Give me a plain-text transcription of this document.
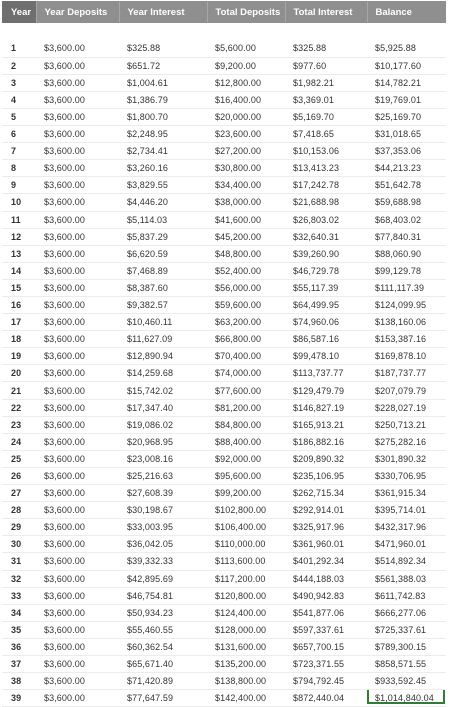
Year	Year Deposits	Year Interest	Total Deposits	Total Interest	Balance

1	$3,600.00	$325.88	$5,600.00	$325.88	$5,925.88
2	$3,600.00	$651.72	$9,200.00	$977.60	$10,177.60
3	$3,600.00	$1,004.61	$12,800.00	$1,982.21	$14,782.21
4	$3,600.00	$1,386.79	$16,400.00	$3,369.01	$19,769.01
5	$3,600.00	$1,800.70	$20,000.00	$5,169.70	$25,169.70
6	$3,600.00	$2,248.95	$23,600.00	$7,418.65	$31,018.65
7	$3,600.00	$2,734.41	$27,200.00	$10,153.06	$37,353.06
8	$3,600.00	$3,260.16	$30,800.00	$13,413.23	$44,213.23
9	$3,600.00	$3,829.55	$34,400.00	$17,242.78	$51,642.78
10	$3,600.00	$4,446.20	$38,000.00	$21,688.98	$59,688.98
11	$3,600.00	$5,114.03	$41,600.00	$26,803.02	$68,403.02
12	$3,600.00	$5,837.29	$45,200.00	$32,640.31	$77,840.31
13	$3,600.00	$6,620.59	$48,800.00	$39,260.90	$88,060.90
14	$3,600.00	$7,468.89	$52,400.00	$46,729.78	$99,129.78
15	$3,600.00	$8,387.60	$56,000.00	$55,117.39	$111,117.39
16	$3,600.00	$9,382.57	$59,600.00	$64,499.95	$124,099.95
17	$3,600.00	$10,460.11	$63,200.00	$74,960.06	$138,160.06
18	$3,600.00	$11,627.09	$66,800.00	$86,587.16	$153,387.16
19	$3,600.00	$12,890.94	$70,400.00	$99,478.10	$169,878.10
20	$3,600.00	$14,259.68	$74,000.00	$113,737.77	$187,737.77
21	$3,600.00	$15,742.02	$77,600.00	$129,479.79	$207,079.79
22	$3,600.00	$17,347.40	$81,200.00	$146,827.19	$228,027.19
23	$3,600.00	$19,086.02	$84,800.00	$165,913.21	$250,713.21
24	$3,600.00	$20,968.95	$88,400.00	$186,882.16	$275,282.16
25	$3,600.00	$23,008.16	$92,000.00	$209,890.32	$301,890.32
26	$3,600.00	$25,216.63	$95,600.00	$235,106.95	$330,706.95
27	$3,600.00	$27,608.39	$99,200.00	$262,715.34	$361,915.34
28	$3,600.00	$30,198.67	$102,800.00	$292,914.01	$395,714.01
29	$3,600.00	$33,003.95	$106,400.00	$325,917.96	$432,317.96
30	$3,600.00	$36,042.05	$110,000.00	$361,960.01	$471,960.01
31	$3,600.00	$39,332.33	$113,600.00	$401,292.34	$514,892.34
32	$3,600.00	$42,895.69	$117,200.00	$444,188.03	$561,388.03
33	$3,600.00	$46,754.81	$120,800.00	$490,942.83	$611,742.83
34	$3,600.00	$50,934.23	$124,400.00	$541,877.06	$666,277.06
35	$3,600.00	$55,460.55	$128,000.00	$597,337.61	$725,337.61
36	$3,600.00	$60,362.54	$131,600.00	$657,700.15	$789,300.15
37	$3,600.00	$65,671.40	$135,200.00	$723,371.55	$858,571.55
38	$3,600.00	$71,420.89	$138,800.00	$794,792.45	$933,592.45
39	$3,600.00	$77,647.59	$142,400.00	$872,440.04	$1,014,840.04
